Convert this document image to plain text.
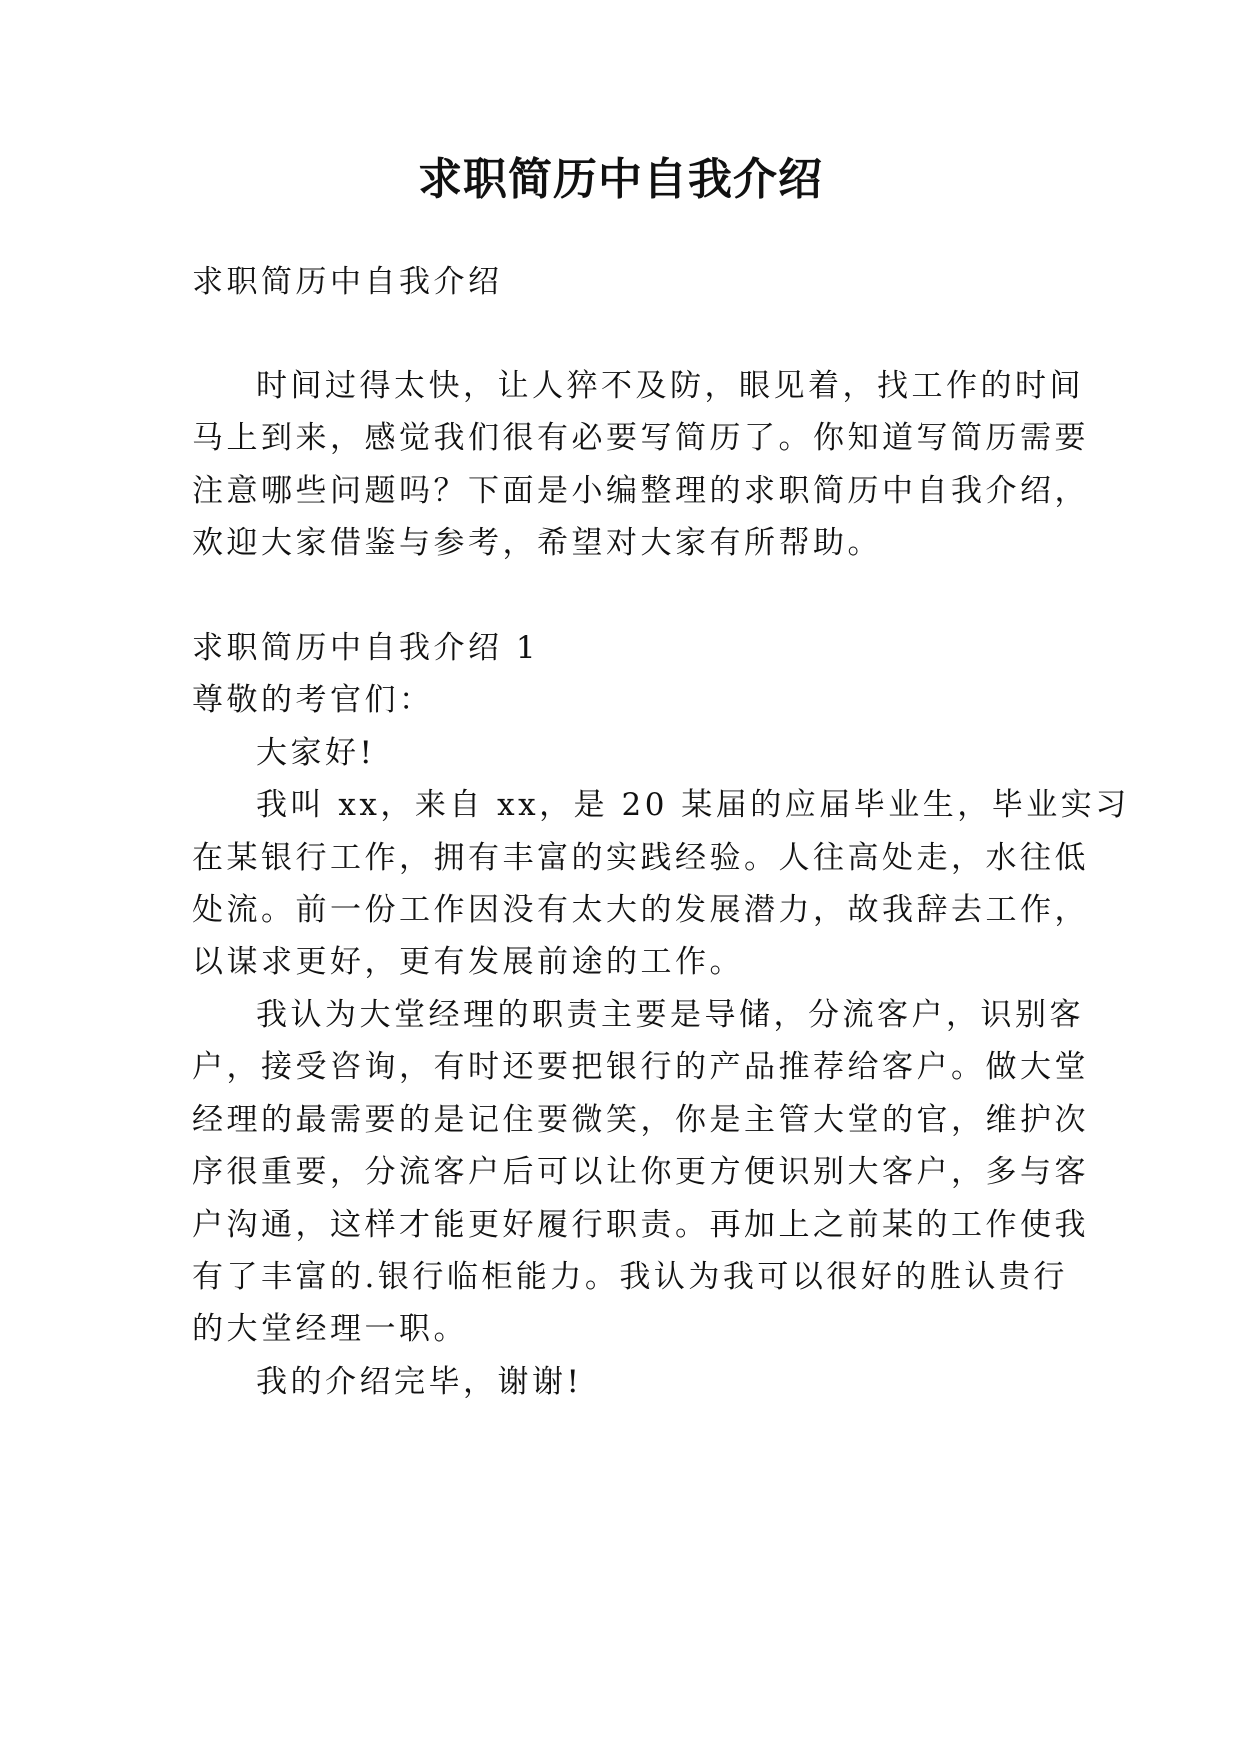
求职简历中自我介绍

求职简历中自我介绍

时间过得太快，让人猝不及防，眼见着，找工作的时间

马上到来，感觉我们很有必要写简历了。你知道写简历需要

注意哪些问题吗？下面是小编整理的求职简历中自我介绍，

欢迎大家借鉴与参考，希望对大家有所帮助。

求职简历中自我介绍 1

尊敬的考官们：

大家好!

我叫 xx，来自 xx，是 20 某届的应届毕业生，毕业实习

在某银行工作，拥有丰富的实践经验。人往高处走，水往低

处流。前一份工作因没有太大的发展潜力，故我辞去工作，

以谋求更好，更有发展前途的工作。

我认为大堂经理的职责主要是导储，分流客户，识别客

户，接受咨询，有时还要把银行的产品推荐给客户。做大堂

经理的最需要的是记住要微笑，你是主管大堂的官，维护次

序很重要，分流客户后可以让你更方便识别大客户，多与客

户沟通，这样才能更好履行职责。再加上之前某的工作使我

有了丰富的.银行临柜能力。我认为我可以很好的胜认贵行

的大堂经理一职。

我的介绍完毕，谢谢!
